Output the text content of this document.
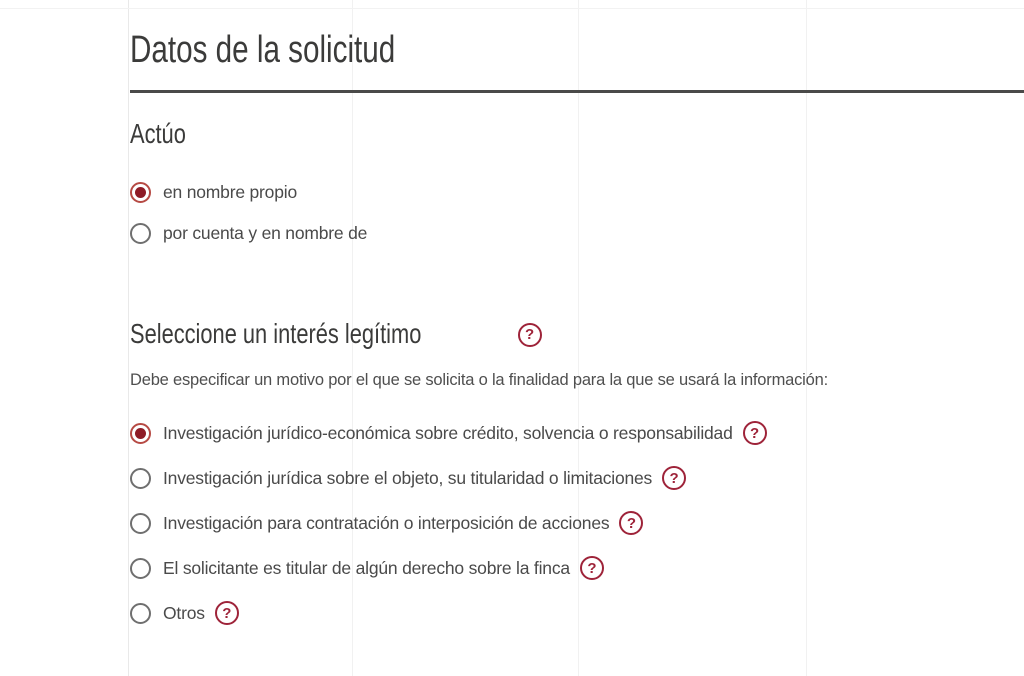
Datos de la solicitud
Actúo
en nombre propio
por cuenta y en nombre de
Seleccione un interés legítimo	?

Debe especificar un motivo por el que se solicita o la finalidad para la que se usará la información:

Investigación jurídico-económica sobre crédito, solvencia o responsabilidad	?
Investigación jurídica sobre el objeto, su titularidad o limitaciones	?
Investigación para contratación o interposición de acciones	?
El solicitante es titular de algún derecho sobre la finca	?
Otros	?
